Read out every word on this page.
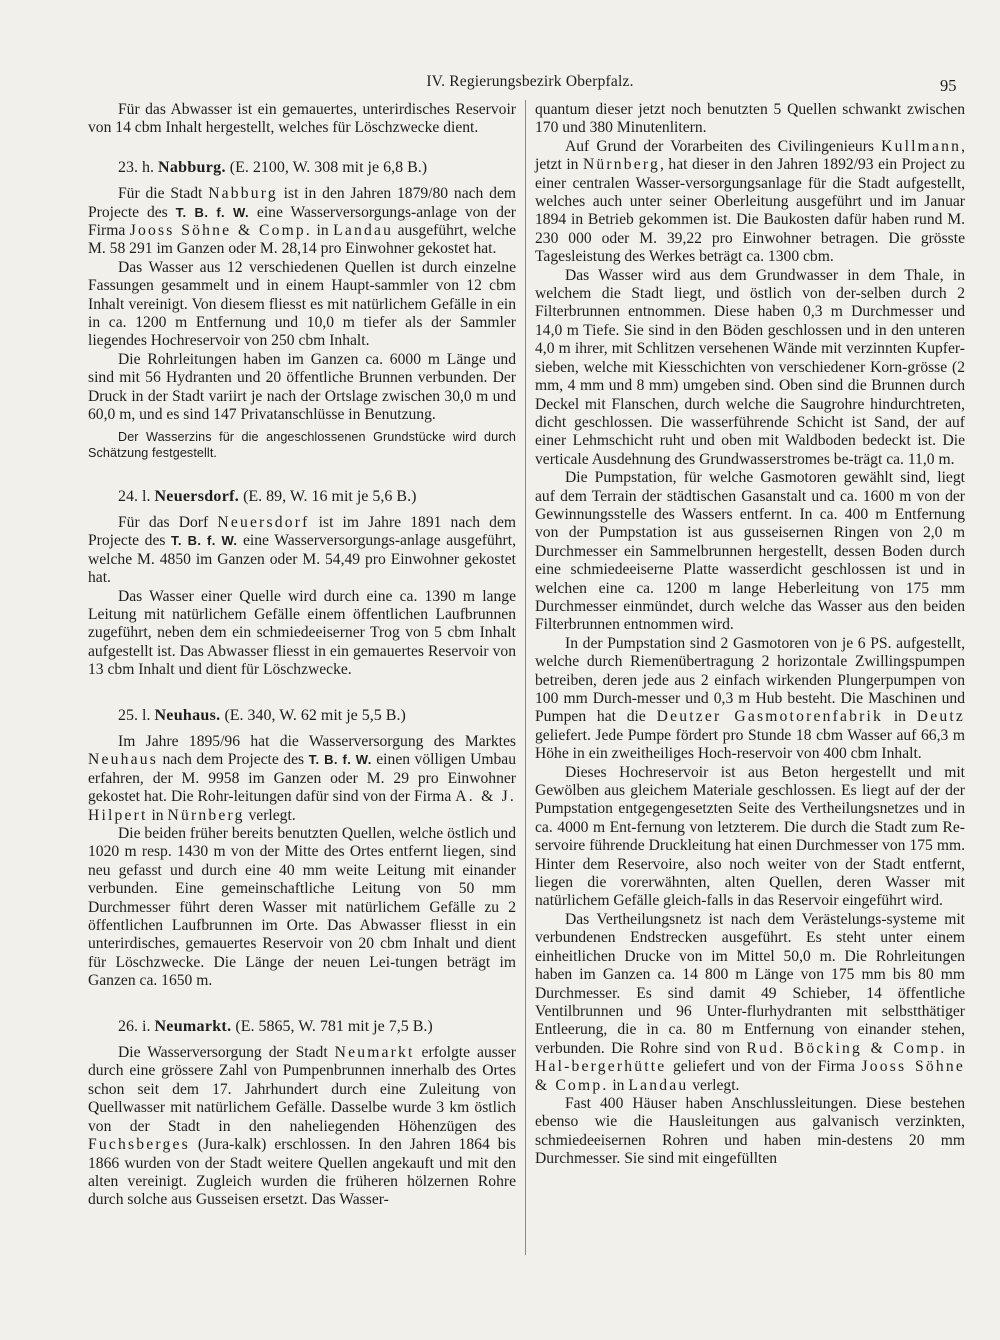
IV. Regierungsbezirk Oberpfalz.	95

Für das Abwasser ist ein gemauertes, unterirdisches Reservoir von 14 cbm Inhalt hergestellt, welches für Löschzwecke dient.

23. h. Nabburg. (E. 2100, W. 308 mit je 6,8 B.)

Für die Stadt Nabburg ist in den Jahren 1879/80 nach dem Projecte des T. B. f. W. eine Wasserversorgungs-anlage von der Firma Jooss Söhne & Comp. in Landau ausgeführt, welche M. 58 291 im Ganzen oder M. 28,14 pro Einwohner gekostet hat.

Das Wasser aus 12 verschiedenen Quellen ist durch einzelne Fassungen gesammelt und in einem Haupt-sammler von 12 cbm Inhalt vereinigt. Von diesem fliesst es mit natürlichem Gefälle in ein in ca. 1200 m Entfernung und 10,0 m tiefer als der Sammler liegendes Hochreservoir von 250 cbm Inhalt.

Die Rohrleitungen haben im Ganzen ca. 6000 m Länge und sind mit 56 Hydranten und 20 öffentliche Brunnen verbunden. Der Druck in der Stadt variirt je nach der Ortslage zwischen 30,0 m und 60,0 m, und es sind 147 Privatanschlüsse in Benutzung.

Der Wasserzins für die angeschlossenen Grundstücke wird durch Schätzung festgestellt.

24. l. Neuersdorf. (E. 89, W. 16 mit je 5,6 B.)

Für das Dorf Neuersdorf ist im Jahre 1891 nach dem Projecte des T. B. f. W. eine Wasserversorgungs-anlage ausgeführt, welche M. 4850 im Ganzen oder M. 54,49 pro Einwohner gekostet hat.

Das Wasser einer Quelle wird durch eine ca. 1390 m lange Leitung mit natürlichem Gefälle einem öffentlichen Laufbrunnen zugeführt, neben dem ein schmiedeeiserner Trog von 5 cbm Inhalt aufgestellt ist. Das Abwasser fliesst in ein gemauertes Reservoir von 13 cbm Inhalt und dient für Löschzwecke.

25. l. Neuhaus. (E. 340, W. 62 mit je 5,5 B.)

Im Jahre 1895/96 hat die Wasserversorgung des Marktes Neuhaus nach dem Projecte des T. B. f. W. einen völligen Umbau erfahren, der M. 9958 im Ganzen oder M. 29 pro Einwohner gekostet hat. Die Rohr-leitungen dafür sind von der Firma A. & J. Hilpert in Nürnberg verlegt.

Die beiden früher bereits benutzten Quellen, welche östlich und 1020 m resp. 1430 m von der Mitte des Ortes entfernt liegen, sind neu gefasst und durch eine 40 mm weite Leitung mit einander verbunden. Eine gemeinschaftliche Leitung von 50 mm Durchmesser führt deren Wasser mit natürlichem Gefälle zu 2 öffentlichen Laufbrunnen im Orte. Das Abwasser fliesst in ein unterirdisches, gemauertes Reservoir von 20 cbm Inhalt und dient für Löschzwecke. Die Länge der neuen Lei-tungen beträgt im Ganzen ca. 1650 m.

26. i. Neumarkt. (E. 5865, W. 781 mit je 7,5 B.)

Die Wasserversorgung der Stadt Neumarkt erfolgte ausser durch eine grössere Zahl von Pumpenbrunnen innerhalb des Ortes schon seit dem 17. Jahrhundert durch eine Zuleitung von Quellwasser mit natürlichem Gefälle. Dasselbe wurde 3 km östlich von der Stadt in den naheliegenden Höhenzügen des Fuchsberges (Jura-kalk) erschlossen. In den Jahren 1864 bis 1866 wurden von der Stadt weitere Quellen angekauft und mit den alten vereinigt. Zugleich wurden die früheren hölzernen Rohre durch solche aus Gusseisen ersetzt. Das Wasser-

quantum dieser jetzt noch benutzten 5 Quellen schwankt zwischen 170 und 380 Minutenlitern.

Auf Grund der Vorarbeiten des Civilingenieurs Kullmann, jetzt in Nürnberg, hat dieser in den Jahren 1892/93 ein Project zu einer centralen Wasser-versorgungsanlage für die Stadt aufgestellt, welches auch unter seiner Oberleitung ausgeführt und im Januar 1894 in Betrieb gekommen ist. Die Baukosten dafür haben rund M. 230 000 oder M. 39,22 pro Einwohner betragen. Die grösste Tagesleistung des Werkes beträgt ca. 1300 cbm.

Das Wasser wird aus dem Grundwasser in dem Thale, in welchem die Stadt liegt, und östlich von der-selben durch 2 Filterbrunnen entnommen. Diese haben 0,3 m Durchmesser und 14,0 m Tiefe. Sie sind in den Böden geschlossen und in den unteren 4,0 m ihrer, mit Schlitzen versehenen Wände mit verzinnten Kupfer-sieben, welche mit Kiesschichten von verschiedener Korn-grösse (2 mm, 4 mm und 8 mm) umgeben sind. Oben sind die Brunnen durch Deckel mit Flanschen, durch welche die Saugrohre hindurchtreten, dicht geschlossen. Die wasserführende Schicht ist Sand, der auf einer Lehmschicht ruht und oben mit Waldboden bedeckt ist. Die verticale Ausdehnung des Grundwasserstromes be-trägt ca. 11,0 m.

Die Pumpstation, für welche Gasmotoren gewählt sind, liegt auf dem Terrain der städtischen Gasanstalt und ca. 1600 m von der Gewinnungsstelle des Wassers entfernt. In ca. 400 m Entfernung von der Pumpstation ist aus gusseisernen Ringen von 2,0 m Durchmesser ein Sammelbrunnen hergestellt, dessen Boden durch eine schmiedeeiserne Platte wasserdicht geschlossen ist und in welchen eine ca. 1200 m lange Heberleitung von 175 mm Durchmesser einmündet, durch welche das Wasser aus den beiden Filterbrunnen entnommen wird.

In der Pumpstation sind 2 Gasmotoren von je 6 PS. aufgestellt, welche durch Riemenübertragung 2 horizontale Zwillingspumpen betreiben, deren jede aus 2 einfach wirkenden Plungerpumpen von 100 mm Durch-messer und 0,3 m Hub besteht. Die Maschinen und Pumpen hat die Deutzer Gasmotorenfabrik in Deutz geliefert. Jede Pumpe fördert pro Stunde 18 cbm Wasser auf 66,3 m Höhe in ein zweitheiliges Hoch-reservoir von 400 cbm Inhalt.

Dieses Hochreservoir ist aus Beton hergestellt und mit Gewölben aus gleichem Materiale geschlossen. Es liegt auf der der Pumpstation entgegengesetzten Seite des Vertheilungsnetzes und in ca. 4000 m Ent-fernung von letzterem. Die durch die Stadt zum Re-servoire führende Druckleitung hat einen Durchmesser von 175 mm. Hinter dem Reservoire, also noch weiter von der Stadt entfernt, liegen die vorerwähnten, alten Quellen, deren Wasser mit natürlichem Gefälle gleich-falls in das Reservoir eingeführt wird.

Das Vertheilungsnetz ist nach dem Verästelungs-systeme mit verbundenen Endstrecken ausgeführt. Es steht unter einem einheitlichen Drucke von im Mittel 50,0 m. Die Rohrleitungen haben im Ganzen ca. 14 800 m Länge von 175 mm bis 80 mm Durchmesser. Es sind damit 49 Schieber, 14 öffentliche Ventilbrunnen und 96 Unter-flurhydranten mit selbstthätiger Entleerung, die in ca. 80 m Entfernung von einander stehen, verbunden. Die Rohre sind von Rud. Böcking & Comp. in Hal-bergerhütte geliefert und von der Firma Jooss Söhne & Comp. in Landau verlegt.

Fast 400 Häuser haben Anschlussleitungen. Diese bestehen ebenso wie die Hausleitungen aus galvanisch verzinkten, schmiedeeisernen Rohren und haben min-destens 20 mm Durchmesser. Sie sind mit eingefüllten
